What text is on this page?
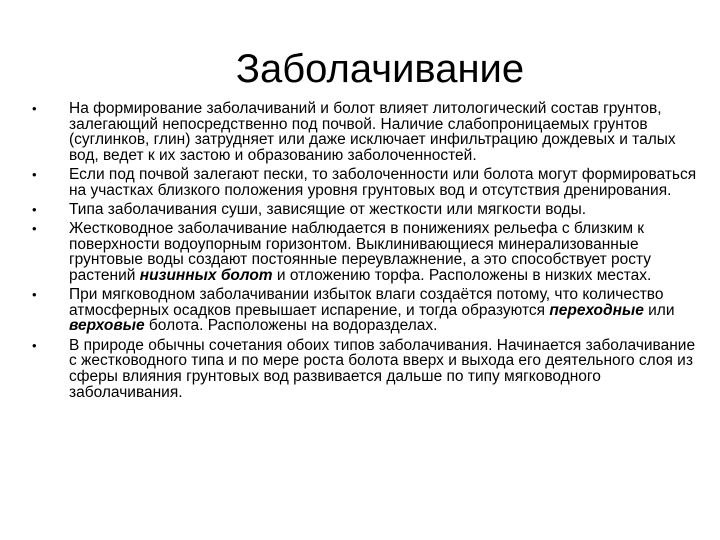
Заболачивание
• На формирование заболачиваний и болот влияет литологический состав грунтов, залегающий непосредственно под почвой. Наличие слабопроницаемых грунтов (суглинков, глин) затрудняет или даже исключает инфильтрацию дождевых и талых вод, ведет к их застою и образованию заболоченностей.
• Если под почвой залегают пески, то заболоченности или болота могут формироваться на участках близкого положения уровня грунтовых вод и отсутствия дренирования.
• Типа заболачивания суши, зависящие от жесткости или мягкости воды.
• Жестководное заболачивание наблюдается в понижениях рельефа с близким к поверхности водоупорным горизонтом. Выклинивающиеся минерализованные грунтовые воды создают постоянные переувлажнение, а это способствует росту растений низинных болот и отложению торфа. Расположены в низких местах.
• При мягководном заболачивании избыток влаги создаётся потому, что количество атмосферных осадков превышает испарение, и тогда образуются переходные или верховые болота. Расположены на водоразделах.
• В природе обычны сочетания обоих типов заболачивания. Начинается заболачивание с жестководного типа и по мере роста болота вверх и выхода его деятельного слоя из сферы влияния грунтовых вод развивается дальше по типу мягководного заболачивания.
